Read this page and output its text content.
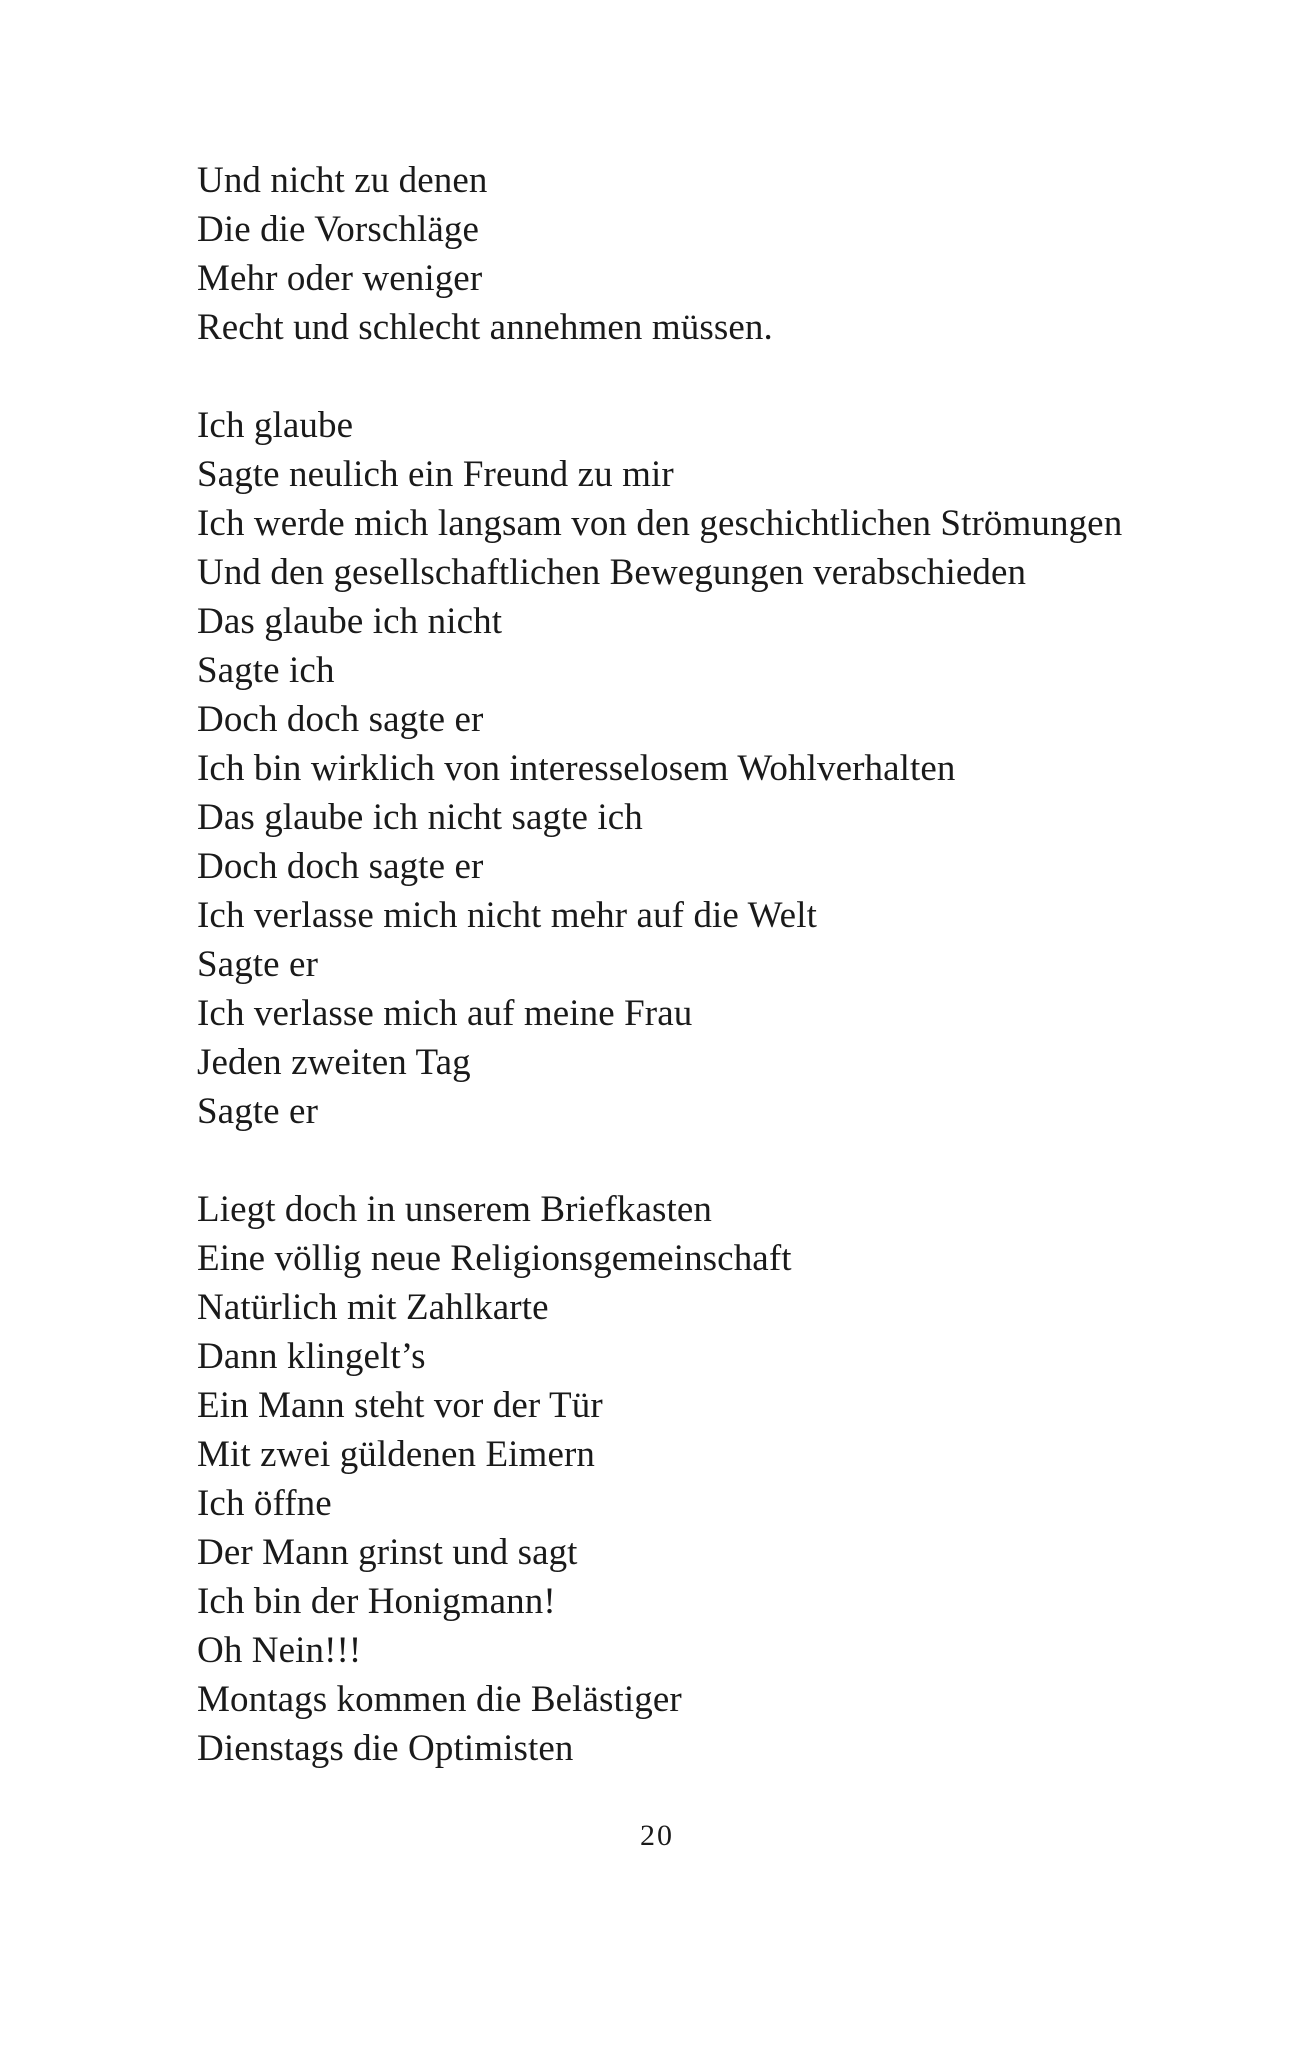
Und nicht zu denen
Die die Vorschläge
Mehr oder weniger
Recht und schlecht annehmen müssen.
Ich glaube
Sagte neulich ein Freund zu mir
Ich werde mich langsam von den geschichtlichen Strömungen
Und den gesellschaftlichen Bewegungen verabschieden
Das glaube ich nicht
Sagte ich
Doch doch sagte er
Ich bin wirklich von interesselosem Wohlverhalten
Das glaube ich nicht sagte ich
Doch doch sagte er
Ich verlasse mich nicht mehr auf die Welt
Sagte er
Ich verlasse mich auf meine Frau
Jeden zweiten Tag
Sagte er
Liegt doch in unserem Briefkasten
Eine völlig neue Religionsgemeinschaft
Natürlich mit Zahlkarte
Dann klingelt’s
Ein Mann steht vor der Tür
Mit zwei güldenen Eimern
Ich öffne
Der Mann grinst und sagt
Ich bin der Honigmann!
Oh Nein!!!
Montags kommen die Belästiger
Dienstags die Optimisten
20
